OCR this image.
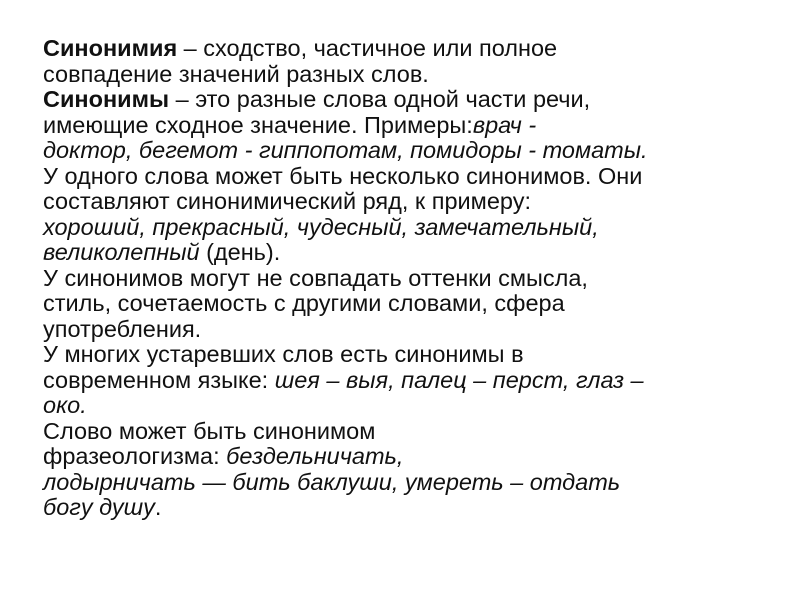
Синонимия – сходство, частичное или полное
совпадение значений разных слов.
Синонимы – это разные слова одной части речи,
имеющие сходное значение. Примеры:врач -
доктор, бегемот - гиппопотам, помидоры - томаты.
У одного слова может быть несколько синонимов. Они
составляют синонимический ряд, к примеру:
хороший, прекрасный, чудесный, замечательный,
великолепный (день).
У синонимов могут не совпадать оттенки смысла,
стиль, сочетаемость с другими словами, сфера
употребления.
У многих устаревших слов есть синонимы в
современном языке: шея – выя, палец – перст, глаз –
око.
Слово может быть синонимом
фразеологизма: бездельничать,
лодырничать — бить баклуши, умереть – отдать
богу душу.
